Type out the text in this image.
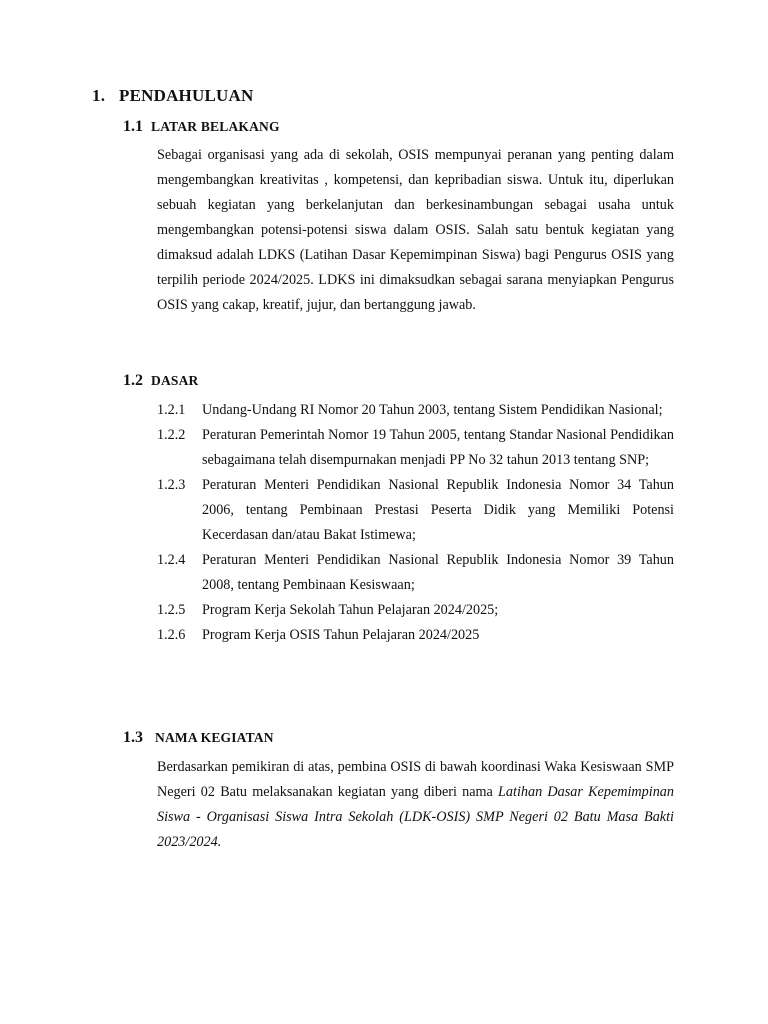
1. PENDAHULUAN
1.1 LATAR BELAKANG
Sebagai organisasi yang ada di sekolah, OSIS mempunyai peranan yang penting dalam mengembangkan kreativitas , kompetensi, dan kepribadian siswa. Untuk itu, diperlukan sebuah kegiatan yang berkelanjutan dan berkesinambungan sebagai usaha untuk mengembangkan potensi-potensi siswa dalam OSIS. Salah satu bentuk kegiatan yang dimaksud adalah LDKS (Latihan Dasar Kepemimpinan Siswa) bagi Pengurus OSIS yang terpilih periode 2024/2025. LDKS ini dimaksudkan sebagai sarana menyiapkan Pengurus OSIS yang cakap, kreatif, jujur, dan bertanggung jawab.
1.2 DASAR
1.2.1 Undang-Undang RI Nomor 20 Tahun 2003, tentang Sistem Pendidikan Nasional;
1.2.2 Peraturan Pemerintah Nomor 19 Tahun 2005, tentang Standar Nasional Pendidikan sebagaimana telah disempurnakan menjadi PP No 32 tahun 2013 tentang SNP;
1.2.3 Peraturan Menteri Pendidikan Nasional Republik Indonesia Nomor 34 Tahun 2006, tentang Pembinaan Prestasi Peserta Didik yang Memiliki Potensi Kecerdasan dan/atau Bakat Istimewa;
1.2.4 Peraturan Menteri Pendidikan Nasional Republik Indonesia Nomor 39 Tahun 2008, tentang Pembinaan Kesiswaan;
1.2.5 Program Kerja Sekolah Tahun Pelajaran 2024/2025;
1.2.6 Program Kerja OSIS Tahun Pelajaran 2024/2025
1.3 NAMA KEGIATAN
Berdasarkan pemikiran di atas, pembina OSIS di bawah koordinasi Waka Kesiswaan SMP Negeri 02 Batu melaksanakan kegiatan yang diberi nama Latihan Dasar Kepemimpinan Siswa - Organisasi Siswa Intra Sekolah (LDK-OSIS) SMP Negeri 02 Batu Masa Bakti 2023/2024.
